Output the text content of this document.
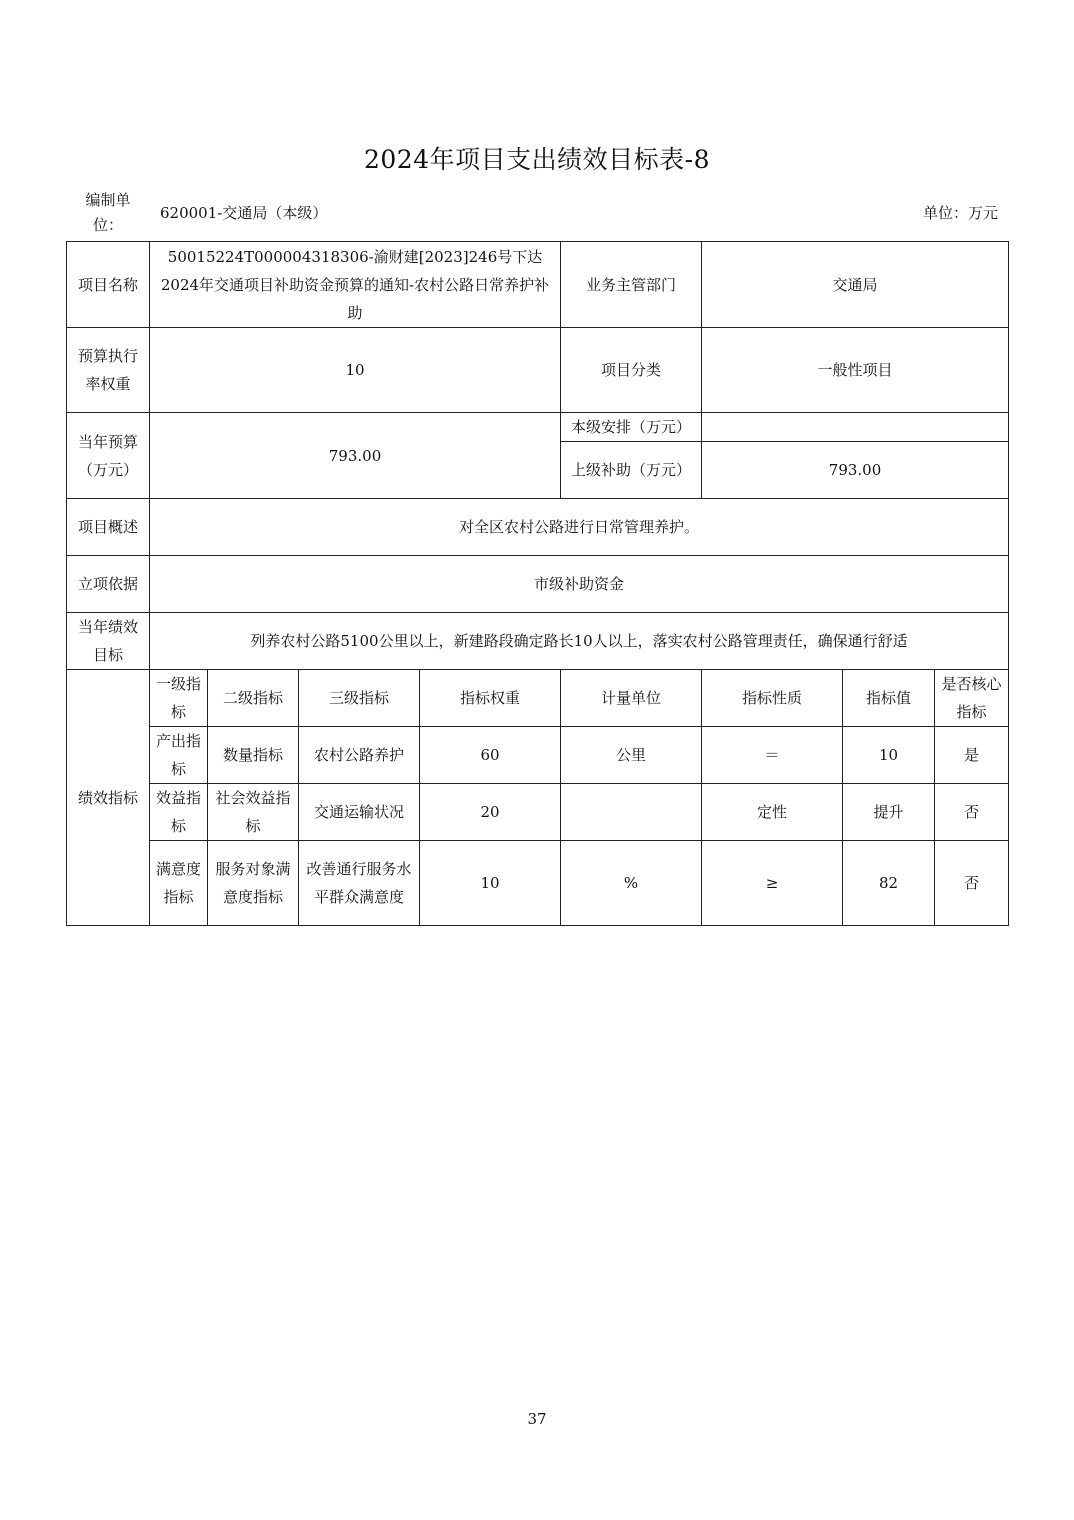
2024年项目支出绩效目标表-8
编制单位：
620001-交通局（本级）	单位：万元
项目名称	50015224T000004318306-渝财建[2023]246号下达2024年交通项目补助资金预算的通知-农村公路日常养护补助				业务主管部门	交通局		
预算执行率权重	10				项目分类	一般性项目		
当年预算（万元）	793.00				本级安排（万元）			
					上级补助（万元）	793.00		
项目概述	对全区农村公路进行日常管理养护。							
立项依据	市级补助资金							
当年绩效目标	列养农村公路5100公里以上，新建路段确定路长10人以上，落实农村公路管理责任，确保通行舒适							
绩效指标	一级指标	二级指标	三级指标	指标权重	计量单位	指标性质	指标值	是否核心指标
	产出指标	数量指标	农村公路养护	60	公里	＝	10	是
	效益指标	社会效益指标	交通运输状况	20		定性	提升	否
	满意度指标	服务对象满意度指标	改善通行服务水平群众满意度	10	%	≥	82	否
37
